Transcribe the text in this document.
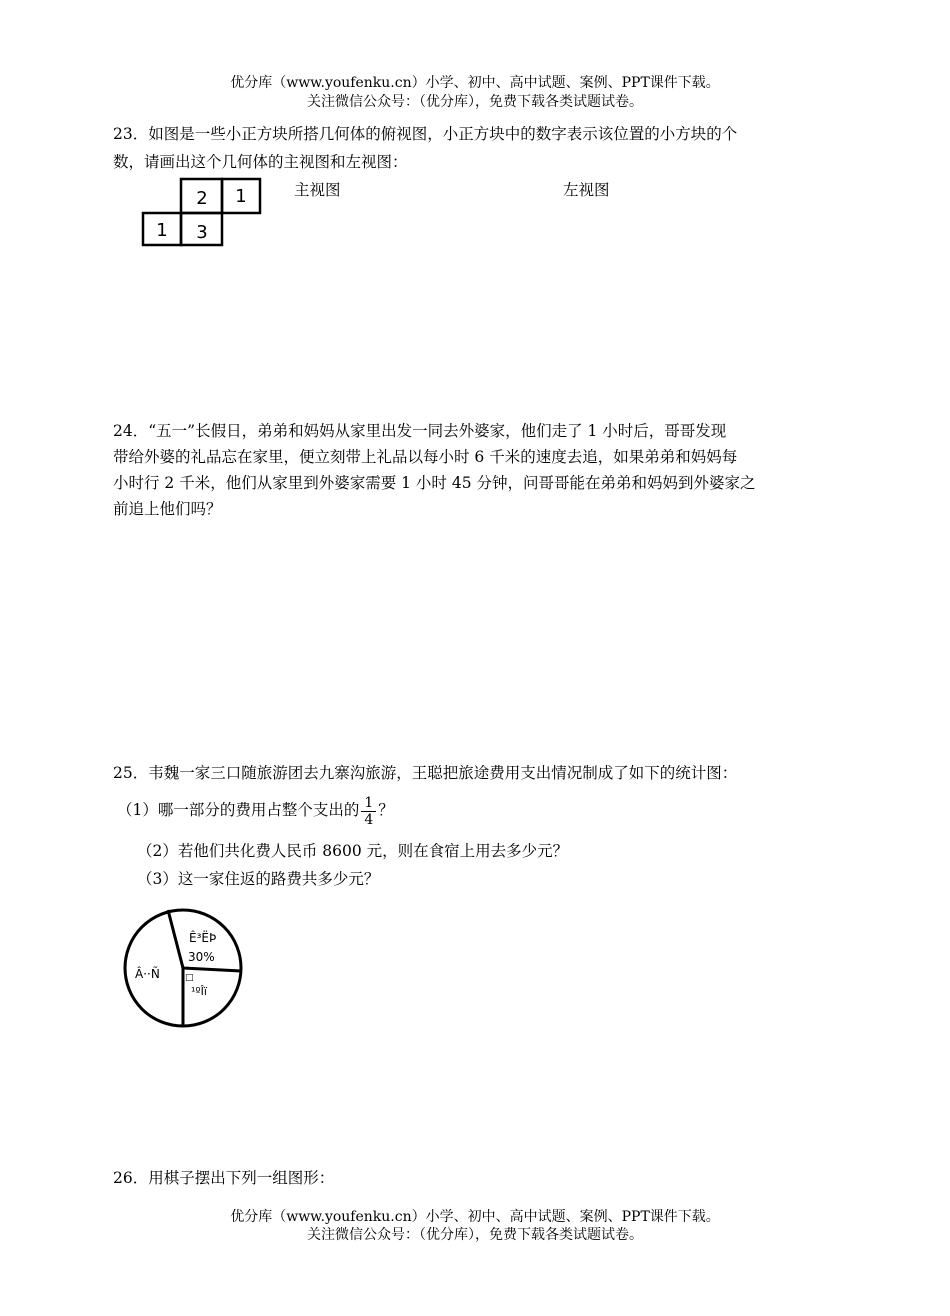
优分库（www.youfenku.cn）小学、初中、高中试题、案例、PPT课件下载。
关注微信公众号：（优分库），免费下载各类试题试卷。
23．如图是一些小正方块所搭几何体的俯视图，小正方块中的数字表示该位置的小方块的个
数，请画出这个几何体的主视图和左视图：
2 1
1 3
主视图	左视图
24．“五一”长假日，弟弟和妈妈从家里出发一同去外婆家，他们走了 1 小时后，哥哥发现
带给外婆的礼品忘在家里，便立刻带上礼品以每小时 6 千米的速度去追，如果弟弟和妈妈每
小时行 2 千米，他们从家里到外婆家需要 1 小时 45 分钟，问哥哥能在弟弟和妈妈到外婆家之
前追上他们吗？
25．韦魏一家三口随旅游团去九寨沟旅游，王聪把旅途费用支出情况制成了如下的统计图：
（1）哪一部分的费用占整个支出的 $\frac{1}{4}$ ？
（2）若他们共化费人民币 8600 元，则在食宿上用去多少元？
（3）这一家住返的路费共多少元？
Ê³ËÞ
30%
Â··Ñ
¹ºÎï
□
26．用棋子摆出下列一组图形：
优分库（www.youfenku.cn）小学、初中、高中试题、案例、PPT课件下载。
关注微信公众号：（优分库），免费下载各类试题试卷。
